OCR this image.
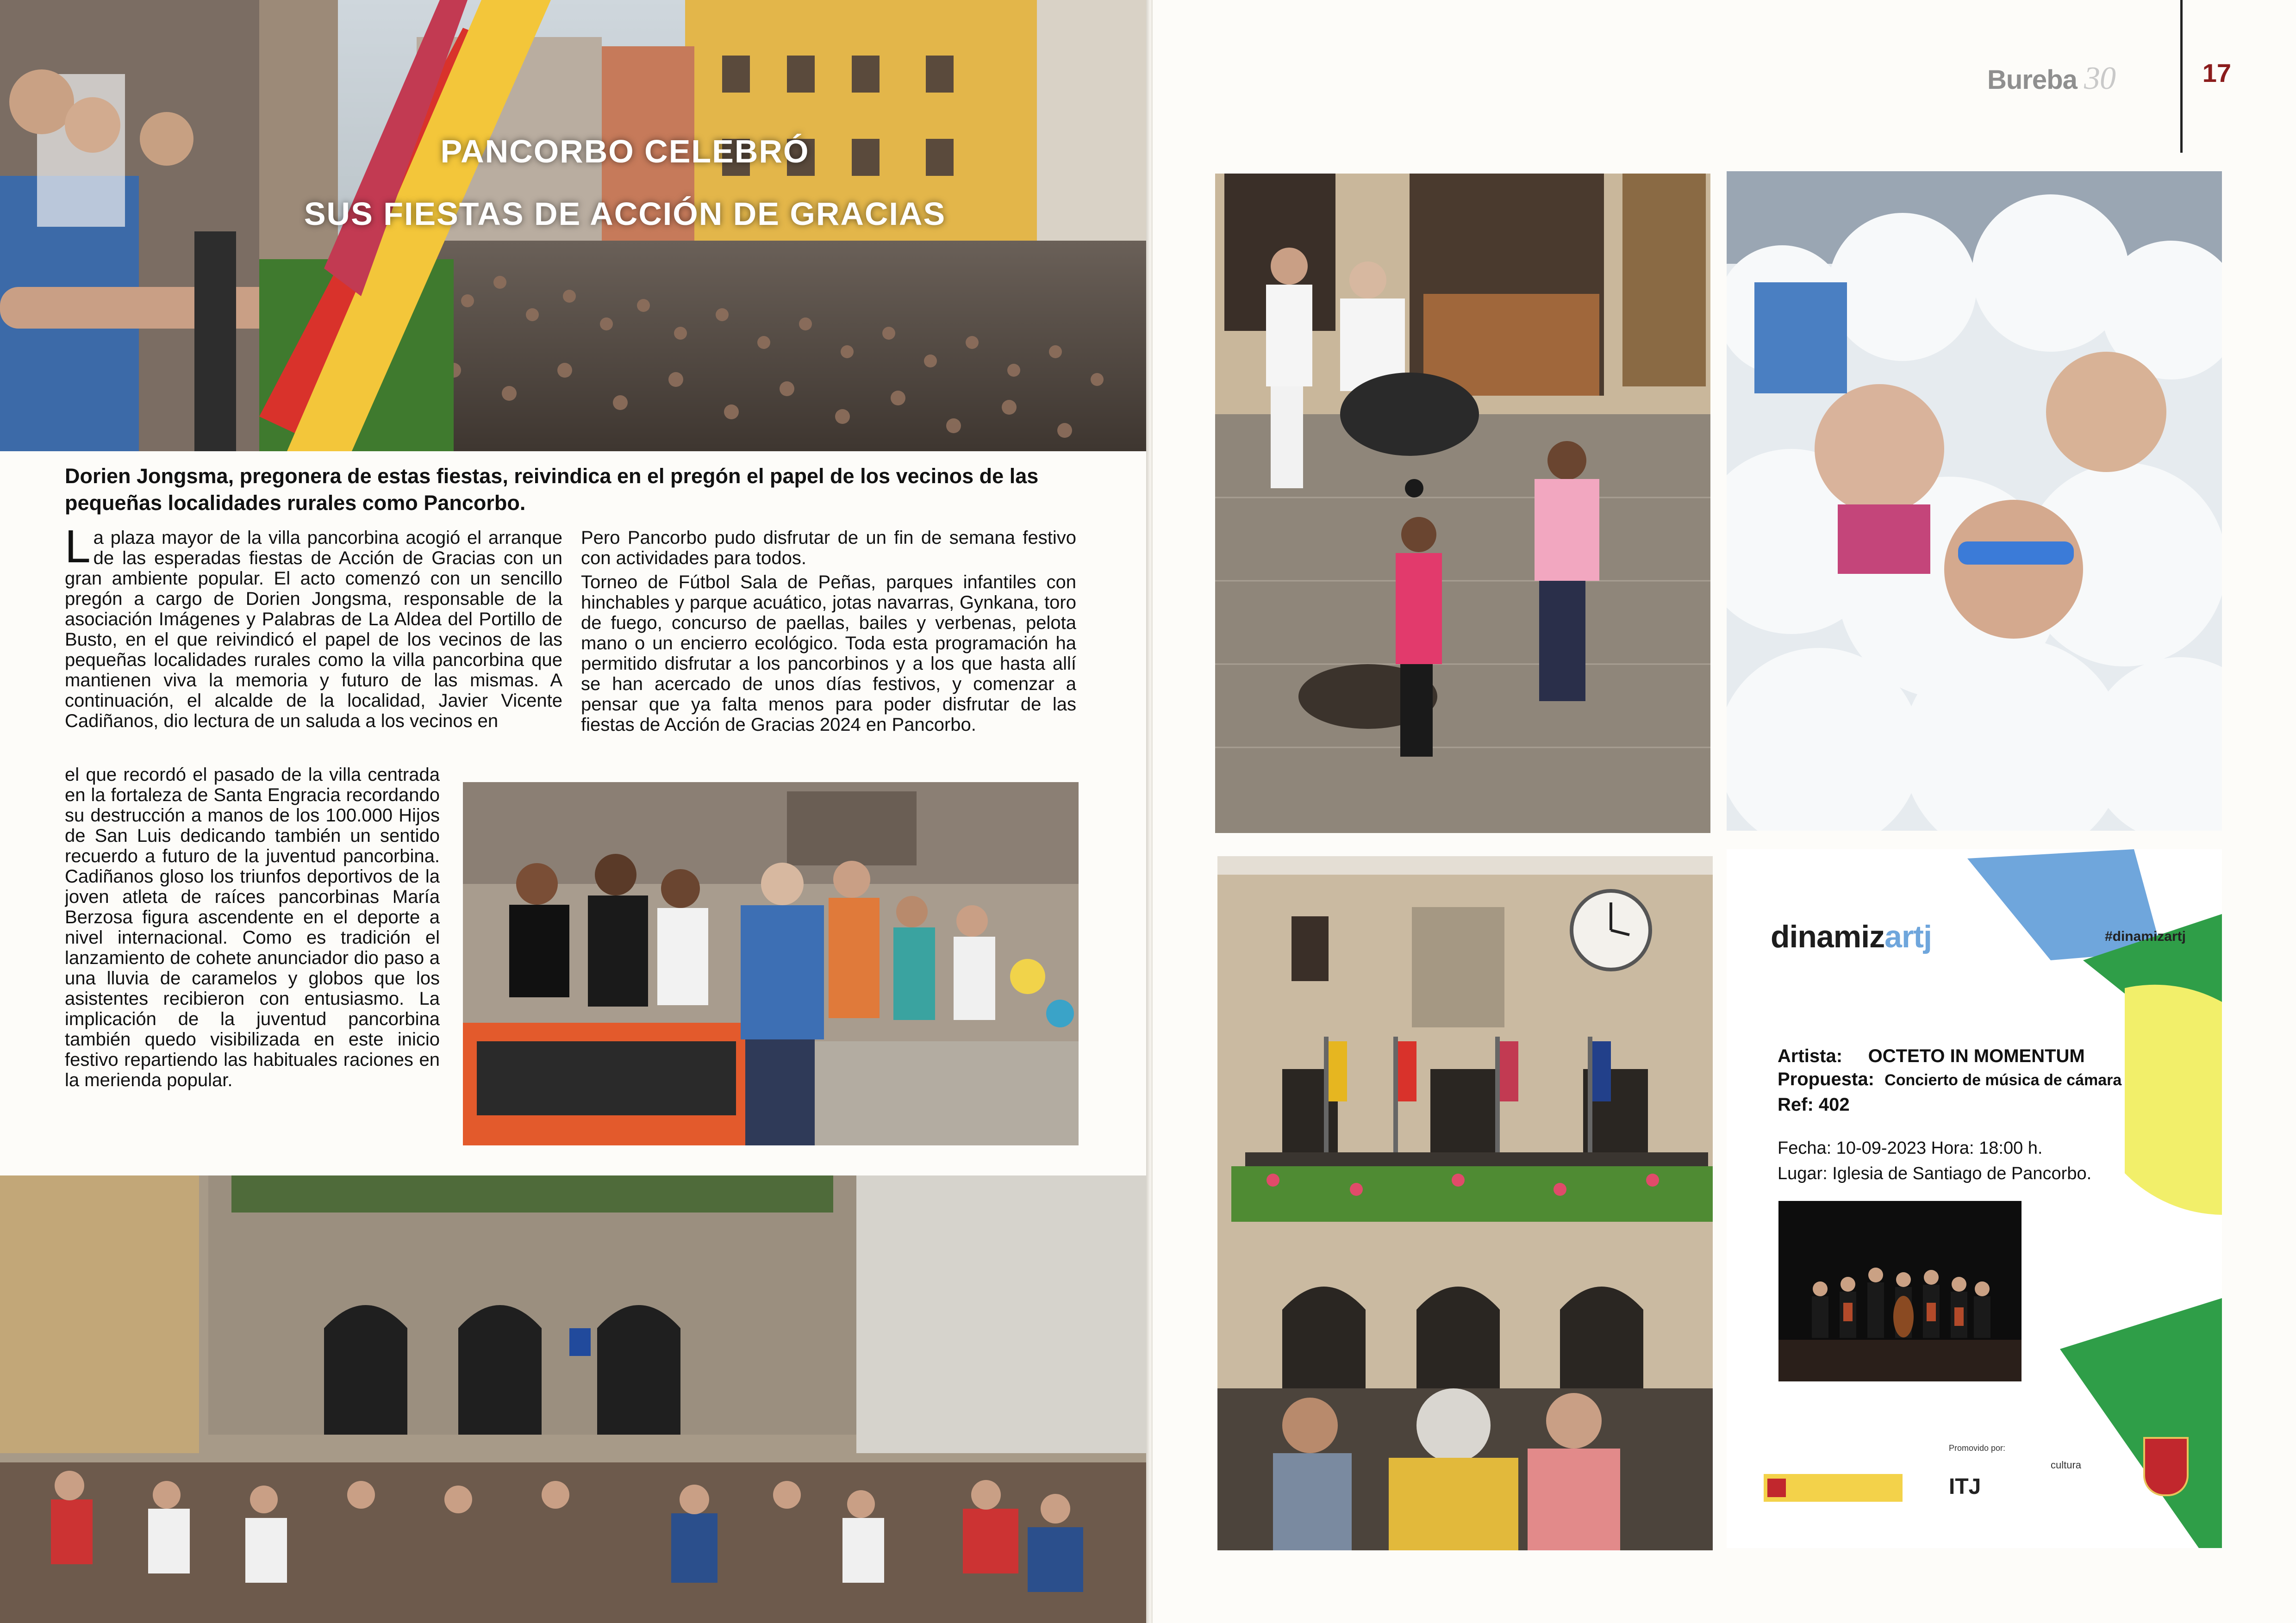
PANCORBO CELEBRÓ
SUS FIESTAS DE ACCIÓN DE GRACIAS
Dorien Jongsma, pregonera de estas fiestas, reivindica en el pregón el papel de los vecinos de las pequeñas localidades rurales como Pancorbo.

La plaza mayor de la villa pancorbina acogió el arranque de las esperadas fiestas de Acción de Gracias con un gran ambiente popular. El acto comenzó con un sencillo pregón a cargo de Dorien Jongsma, responsable de la asociación Imágenes y Palabras de La Aldea del Portillo de Busto, en el que reivindicó el papel de los vecinos de las pequeñas localidades rurales como la villa pancorbina que mantienen viva la memoria y futuro de las mismas. A continuación, el alcalde de la localidad, Javier Vicente Cadiñanos, dio lectura de un saluda a los vecinos en

Pero Pancorbo pudo disfrutar de un fin de semana festivo con actividades para todos.

Torneo de Fútbol Sala de Peñas, parques infantiles con hinchables y parque acuático, jotas navarras, Gynkana, toro de fuego, concurso de paellas, bailes y verbenas, pelota mano o un encierro ecológico. Toda esta programación ha permitido disfrutar a los pancorbinos y a los que hasta allí se han acercado de unos días festivos, y comenzar a pensar que ya falta menos para poder disfrutar de las fiestas de Acción de Gracias 2024 en Pancorbo.

el que recordó el pasado de la villa centrada en la fortaleza de Santa Engracia recordando su destrucción a manos de los 100.000 Hijos de San Luis dedicando también un sentido recuerdo a futuro de la juventud pancorbina. Cadiñanos gloso los triunfos deportivos de la joven atleta de raíces pancorbinas María Berzosa figura ascendente en el deporte a nivel internacional. Como es tradición el lanzamiento de cohete anunciador dio paso a una lluvia de caramelos y globos que los asistentes recibieron con entusiasmo. La implicación de la juventud pancorbina también quedo visibilizada en este inicio festivo repartiendo las habituales raciones en la merienda popular.

Bureba 30	17
dinamizartj	#dinamizartj
Artista: OCTETO IN MOMENTUM
Propuesta: Concierto de música de cámara
Ref: 402
Fecha: 10-09-2023 Hora: 18:00 h.
Lugar: Iglesia de Santiago de Pancorbo.
Promovido por:
ITJ
cultura
